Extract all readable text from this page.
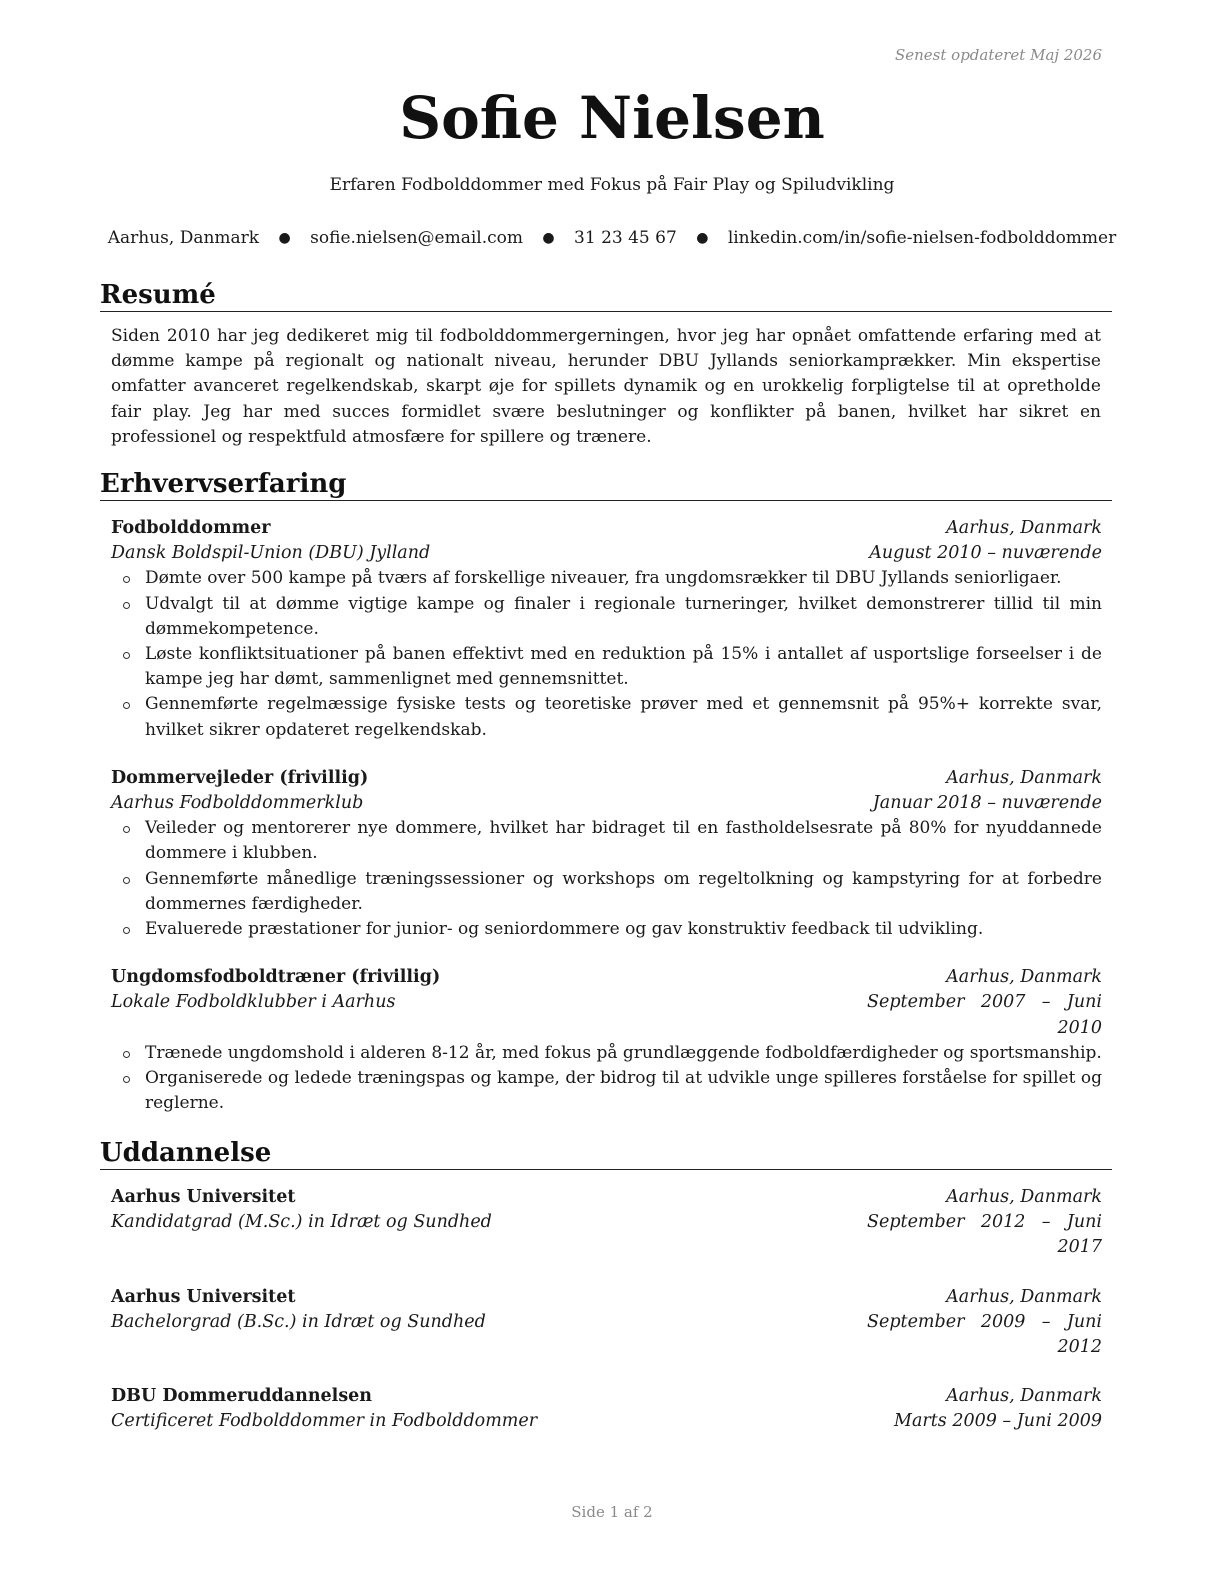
Senest opdateret Maj 2026
Sofie Nielsen
Erfaren Fodbolddommer med Fokus på Fair Play og Spiludvikling
Aarhus, Danmark ● sofie.nielsen@email.com ● 31 23 45 67 ● linkedin.com/in/sofie-nielsen-fodbolddommer
Resumé
Siden 2010 har jeg dedikeret mig til fodbolddommergerningen, hvor jeg har opnået omfattende erfaring med at dømme kampe på regionalt og nationalt niveau, herunder DBU Jyllands seniorkamprækker. Min ekspertise omfatter avanceret regelkendskab, skarpt øje for spillets dynamik og en urokkelig forpligtelse til at opretholde fair play. Jeg har med succes formidlet svære beslutninger og konflikter på banen, hvilket har sikret en professionel og respektfuld atmosfære for spillere og trænere.
Erhvervserfaring
Fodbolddommer	Aarhus, Danmark
Dansk Boldspil-Union (DBU) Jylland	August 2010 – nuværende
Dømte over 500 kampe på tværs af forskellige niveauer, fra ungdomsrækker til DBU Jyllands seniorligaer.
Udvalgt til at dømme vigtige kampe og finaler i regionale turneringer, hvilket demonstrerer tillid til min dømmekompetence.
Løste konfliktsituationer på banen effektivt med en reduktion på 15% i antallet af usportslige forseelser i de kampe jeg har dømt, sammenlignet med gennemsnittet.
Gennemførte regelmæssige fysiske tests og teoretiske prøver med et gennemsnit på 95%+ korrekte svar, hvilket sikrer opdateret regelkendskab.
Dommervejleder (frivillig)	Aarhus, Danmark
Aarhus Fodbolddommerklub	Januar 2018 – nuværende
Veileder og mentorerer nye dommere, hvilket har bidraget til en fastholdelsesrate på 80% for nyuddannede dommere i klubben.
Gennemførte månedlige træningssessioner og workshops om regeltolkning og kampstyring for at forbedre dommernes færdigheder.
Evaluerede præstationer for junior- og seniordommere og gav konstruktiv feedback til udvikling.
Ungdomsfodboldtræner (frivillig)	Aarhus, Danmark
Lokale Fodboldklubber i Aarhus	September 2007 – Juni 2010
Trænede ungdomshold i alderen 8-12 år, med fokus på grundlæggende fodboldfærdigheder og sportsmanship.
Organiserede og ledede træningspas og kampe, der bidrog til at udvikle unge spilleres forståelse for spillet og reglerne.
Uddannelse
Aarhus Universitet	Aarhus, Danmark
Kandidatgrad (M.Sc.) in Idræt og Sundhed	September 2012 – Juni 2017
Aarhus Universitet	Aarhus, Danmark
Bachelorgrad (B.Sc.) in Idræt og Sundhed	September 2009 – Juni 2012
DBU Dommeruddannelsen	Aarhus, Danmark
Certificeret Fodbolddommer in Fodbolddommer	Marts 2009 – Juni 2009
Side 1 af 2
